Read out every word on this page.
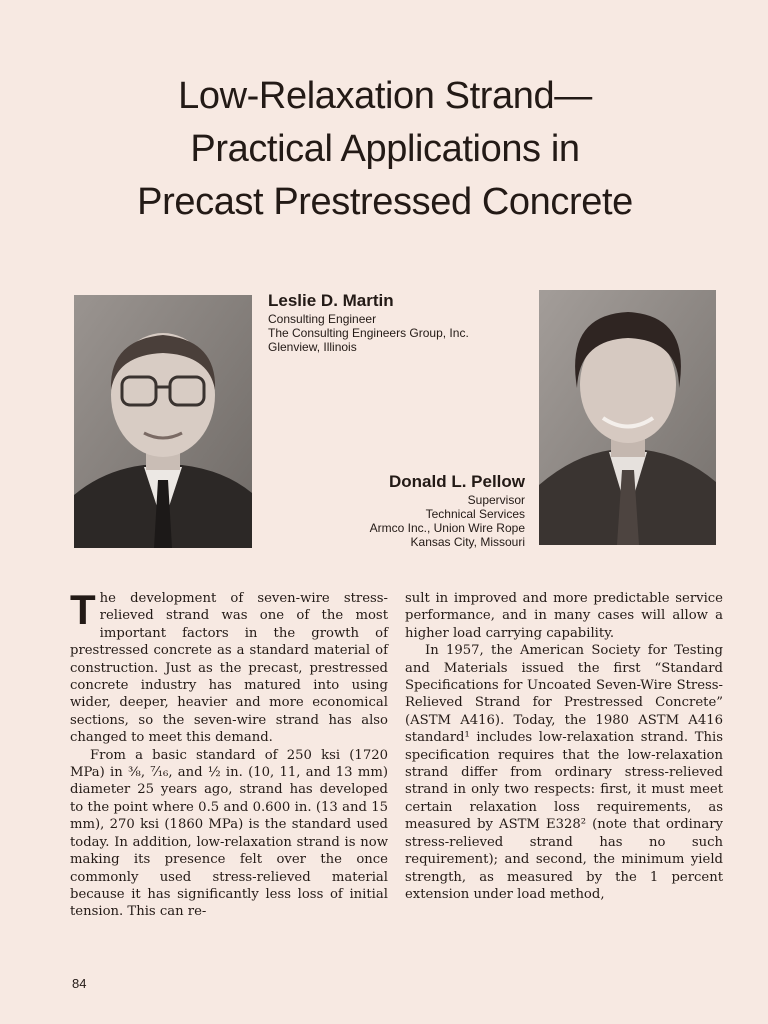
Low-Relaxation Strand—
Practical Applications in
Precast Prestressed Concrete
Leslie D. Martin
Consulting Engineer
The Consulting Engineers Group, Inc.
Glenview, Illinois
Donald L. Pellow
Supervisor
Technical Services
Armco Inc., Union Wire Rope
Kansas City, Missouri

The development of seven-wire stress-relieved strand was one of the most important factors in the growth of prestressed concrete as a standard material of construction. Just as the precast, prestressed concrete industry has matured into using wider, deeper, heavier and more economical sections, so the seven-wire strand has also changed to meet this demand.

From a basic standard of 250 ksi (1720 MPa) in ⅜, ⁷⁄₁₆, and ½ in. (10, 11, and 13 mm) diameter 25 years ago, strand has developed to the point where 0.5 and 0.600 in. (13 and 15 mm), 270 ksi (1860 MPa) is the standard used today. In addition, low-relaxation strand is now making its presence felt over the once commonly used stress-relieved material because it has significantly less loss of initial tension. This can re-

sult in improved and more predictable service performance, and in many cases will allow a higher load carrying capability.

In 1957, the American Society for Testing and Materials issued the first “Standard Specifications for Uncoated Seven-Wire Stress-Relieved Strand for Prestressed Concrete” (ASTM A416). Today, the 1980 ASTM A416 standard¹ includes low-relaxation strand. This specification requires that the low-relaxation strand differ from ordinary stress-relieved strand in only two respects: first, it must meet certain relaxation loss requirements, as measured by ASTM E328² (note that ordinary stress-relieved strand has no such requirement); and second, the minimum yield strength, as measured by the 1 percent extension under load method,

84
